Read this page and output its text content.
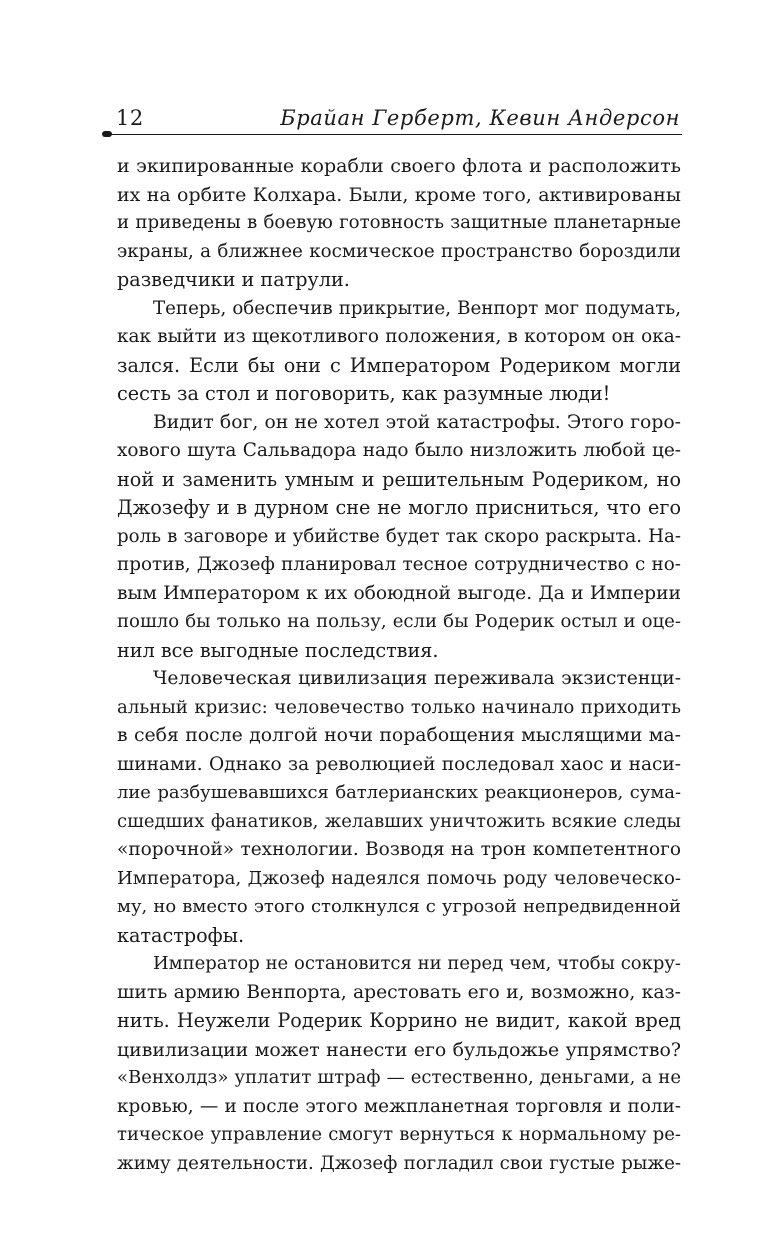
12	Брайан Герберт, Кевин Андерсон
и экипированные корабли своего флота и расположить
их на орбите Колхара. Были, кроме того, активированы
и приведены в боевую готовность защитные планетарные
экраны, а ближнее космическое пространство бороздили
разведчики и патрули.
Теперь, обеспечив прикрытие, Венпорт мог подумать,
как выйти из щекотливого положения, в котором он ока-
зался. Если бы они с Императором Родериком могли
сесть за стол и поговорить, как разумные люди!
Видит бог, он не хотел этой катастрофы. Этого горо-
хового шута Сальвадора надо было низложить любой це-
ной и заменить умным и решительным Родериком, но
Джозефу и в дурном сне не могло присниться, что его
роль в заговоре и убийстве будет так скоро раскрыта. На-
против, Джозеф планировал тесное сотрудничество с но-
вым Императором к их обоюдной выгоде. Да и Империи
пошло бы только на пользу, если бы Родерик остыл и оце-
нил все выгодные последствия.
Человеческая цивилизация переживала экзистенци-
альный кризис: человечество только начинало приходить
в себя после долгой ночи порабощения мыслящими ма-
шинами. Однако за революцией последовал хаос и наси-
лие разбушевавшихся батлерианских реакционеров, сума-
сшедших фанатиков, желавших уничтожить всякие следы
«порочной» технологии. Возводя на трон компетентного
Императора, Джозеф надеялся помочь роду человеческо-
му, но вместо этого столкнулся с угрозой непредвиденной
катастрофы.
Император не остановится ни перед чем, чтобы сокру-
шить армию Венпорта, арестовать его и, возможно, каз-
нить. Неужели Родерик Коррино не видит, какой вред
цивилизации может нанести его бульдожье упрямство?
«Венхолдз» уплатит штраф — естественно, деньгами, а не
кровью, — и после этого межпланетная торговля и поли-
тическое управление смогут вернуться к нормальному ре-
жиму деятельности. Джозеф погладил свои густые рыже-
